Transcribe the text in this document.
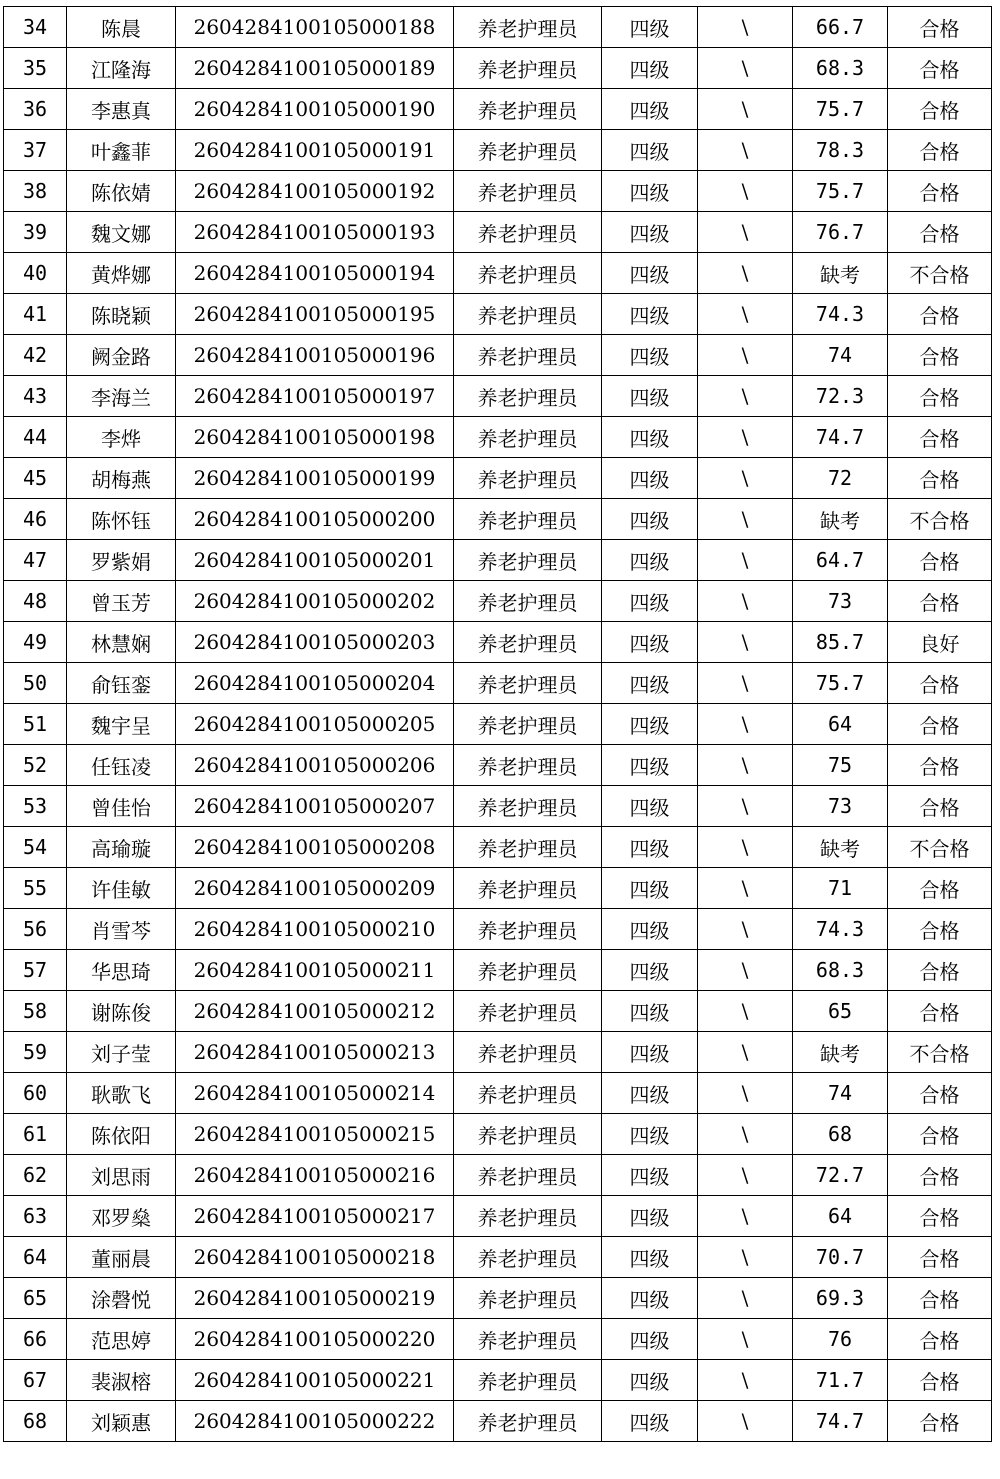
34	陈晨	2604284100105000188	养老护理员	四级	\	66.7	合格
35	江隆海	2604284100105000189	养老护理员	四级	\	68.3	合格
36	李惠真	2604284100105000190	养老护理员	四级	\	75.7	合格
37	叶鑫菲	2604284100105000191	养老护理员	四级	\	78.3	合格
38	陈依婧	2604284100105000192	养老护理员	四级	\	75.7	合格
39	魏文娜	2604284100105000193	养老护理员	四级	\	76.7	合格
40	黄烨娜	2604284100105000194	养老护理员	四级	\	缺考	不合格
41	陈晓颖	2604284100105000195	养老护理员	四级	\	74.3	合格
42	阙金路	2604284100105000196	养老护理员	四级	\	74	合格
43	李海兰	2604284100105000197	养老护理员	四级	\	72.3	合格
44	李烨	2604284100105000198	养老护理员	四级	\	74.7	合格
45	胡梅燕	2604284100105000199	养老护理员	四级	\	72	合格
46	陈怀钰	2604284100105000200	养老护理员	四级	\	缺考	不合格
47	罗紫娟	2604284100105000201	养老护理员	四级	\	64.7	合格
48	曾玉芳	2604284100105000202	养老护理员	四级	\	73	合格
49	林慧娴	2604284100105000203	养老护理员	四级	\	85.7	良好
50	俞钰銮	2604284100105000204	养老护理员	四级	\	75.7	合格
51	魏宇呈	2604284100105000205	养老护理员	四级	\	64	合格
52	任钰凌	2604284100105000206	养老护理员	四级	\	75	合格
53	曾佳怡	2604284100105000207	养老护理员	四级	\	73	合格
54	高瑜璇	2604284100105000208	养老护理员	四级	\	缺考	不合格
55	许佳敏	2604284100105000209	养老护理员	四级	\	71	合格
56	肖雪芩	2604284100105000210	养老护理员	四级	\	74.3	合格
57	华思琦	2604284100105000211	养老护理员	四级	\	68.3	合格
58	谢陈俊	2604284100105000212	养老护理员	四级	\	65	合格
59	刘子莹	2604284100105000213	养老护理员	四级	\	缺考	不合格
60	耿歌飞	2604284100105000214	养老护理员	四级	\	74	合格
61	陈依阳	2604284100105000215	养老护理员	四级	\	68	合格
62	刘思雨	2604284100105000216	养老护理员	四级	\	72.7	合格
63	邓罗燊	2604284100105000217	养老护理员	四级	\	64	合格
64	董丽晨	2604284100105000218	养老护理员	四级	\	70.7	合格
65	涂磬悦	2604284100105000219	养老护理员	四级	\	69.3	合格
66	范思婷	2604284100105000220	养老护理员	四级	\	76	合格
67	裴淑榕	2604284100105000221	养老护理员	四级	\	71.7	合格
68	刘颖惠	2604284100105000222	养老护理员	四级	\	74.7	合格
